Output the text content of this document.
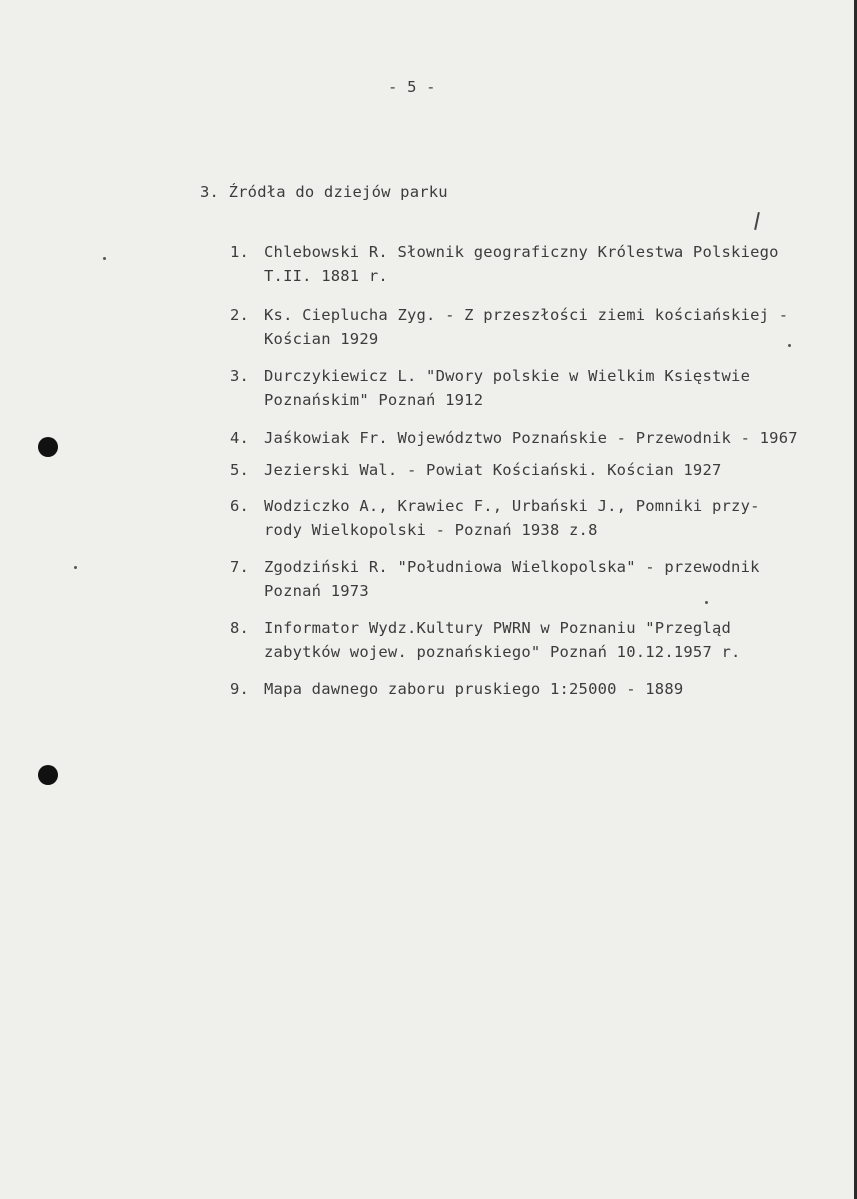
- 5 -
3. Źródła do dziejów parku
1. Chlebowski R. Słownik geograficzny Królestwa Polskiego
T.II. 1881 r.
2. Ks. Cieplucha Zyg. - Z przeszłości ziemi kościańskiej -
Kościan 1929
3. Durczykiewicz L. "Dwory polskie w Wielkim Księstwie
Poznańskim" Poznań 1912
4. Jaśkowiak Fr. Województwo Poznańskie - Przewodnik - 1967
5. Jezierski Wal. - Powiat Kościański. Kościan 1927
6. Wodziczko A., Krawiec F., Urbański J., Pomniki przy-
rody Wielkopolski - Poznań 1938 z.8
7. Zgodziński R. "Południowa Wielkopolska" - przewodnik
Poznań 1973
8. Informator Wydz.Kultury PWRN w Poznaniu "Przegląd
zabytków wojew. poznańskiego" Poznań 10.12.1957 r.
9. Mapa dawnego zaboru pruskiego 1:25000 - 1889
